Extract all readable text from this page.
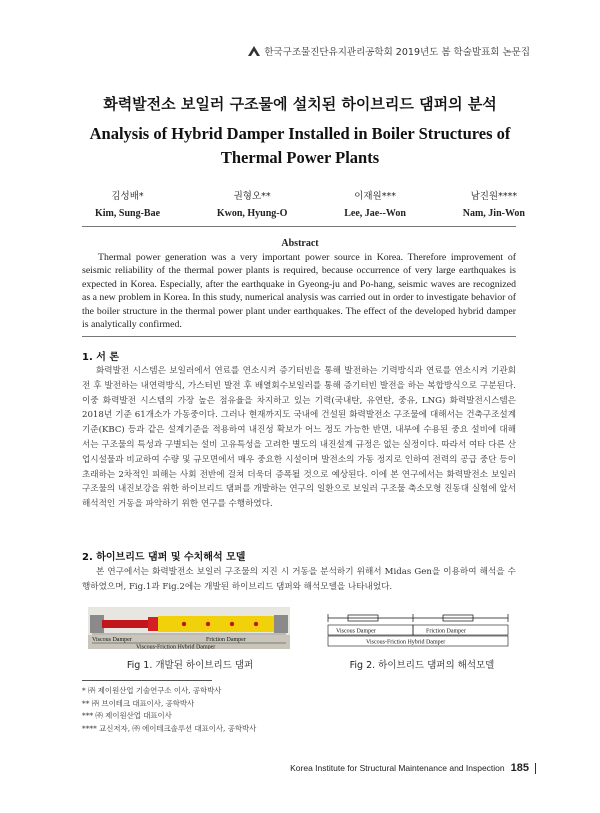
한국구조물진단유지관리공학회 2019년도 봄 학술발표회 논문집
화력발전소 보일러 구조물에 설치된 하이브리드 댐퍼의 분석
Analysis of Hybrid Damper Installed in Boiler Structures of Thermal Power Plants
김성배*
Kim, Sung-Bae
권형오**
Kwon, Hyung-O
이재원***
Lee, Jae--Won
남진원****
Nam, Jin-Won
Abstract
Thermal power generation was a very important power source in Korea. Therefore improvement of seismic reliability of the thermal power plants is required, because occurrence of very large earthquakes is expected in Korea. Especially, after the earthquake in Gyeong-ju and Po-hang, seismic waves are recognized as a new problem in Korea. In this study, numerical analysis was carried out in order to investigate behavior of the boiler structure in the thermal power plant under earthquakes. The effect of the developed hybrid damper is analytically confirmed.
1. 서 론
화력발전 시스템은 보일러에서 연료를 연소시켜 증기터빈을 통해 발전하는 기력방식과 연료를 연소시켜 기관회전 후 발전하는 내연력방식, 가스터빈 발전 후 배열회수보일러를 통해 증기터빈 발전을 하는 복합방식으로 구분된다. 이중 화력발전 시스템의 가장 높은 점유율을 차지하고 있는 기력(국내탄, 유연탄, 중유, LNG) 화력발전시스템은 2018년 기준 61개소가 가동중이다. 그러나 현재까지도 국내에 건설된 화력발전소 구조물에 대해서는 건축구조설계기준(KBC) 등과 같은 설계기준을 적용하여 내진성 확보가 어느 정도 가능한 반면, 내부에 수용된 중요 설비에 대해서는 구조물의 특성과 구별되는 설비 고유특성을 고려한 별도의 내진설계 규정은 없는 실정이다. 따라서 여타 다른 산업시설물과 비교하여 수량 및 규모면에서 매우 중요한 시설이며 발전소의 가동 정지로 인하여 전력의 공급 중단 등이 초래하는 2차적인 피해는 사회 전반에 걸쳐 더욱더 증폭될 것으로 예상된다. 이에 본 연구에서는 화력발전소 보일러 구조물의 내진보강을 위한 하이브리드 댐퍼를 개발하는 연구의 일환으로 보일러 구조물 축소모형 진동대 실험에 앞서 해석적인 거동을 파악하기 위한 연구를 수행하였다.
2. 하이브리드 댐퍼 및 수치해석 모델
본 연구에서는 화력발전소 보일러 구조물의 지진 시 거동을 분석하기 위해서 Midas Gen을 이용하여 해석을 수행하였으며, Fig.1과 Fig.2에는 개발된 하이브리드 댐퍼와 해석모델을 나타내었다.
Viscous Damper	Friction Damper
Viscous-Friction Hybrid Damper
Viscous Damper	Friction Damper
Viscous-Friction Hybrid Damper
Fig 1. 개발된 하이브리드 댐퍼	Fig 2. 하이브리드 댐퍼의 해석모델
* ㈜ 제이원산업 기술연구소 이사, 공학박사
** ㈜ 브이테크 대표이사, 공학박사
*** ㈜ 제이원산업 대표이사
**** 교신저자, ㈜ 에이테크솔루션 대표이사, 공학박사
Korea Institute for Structural Maintenance and Inspection 185
